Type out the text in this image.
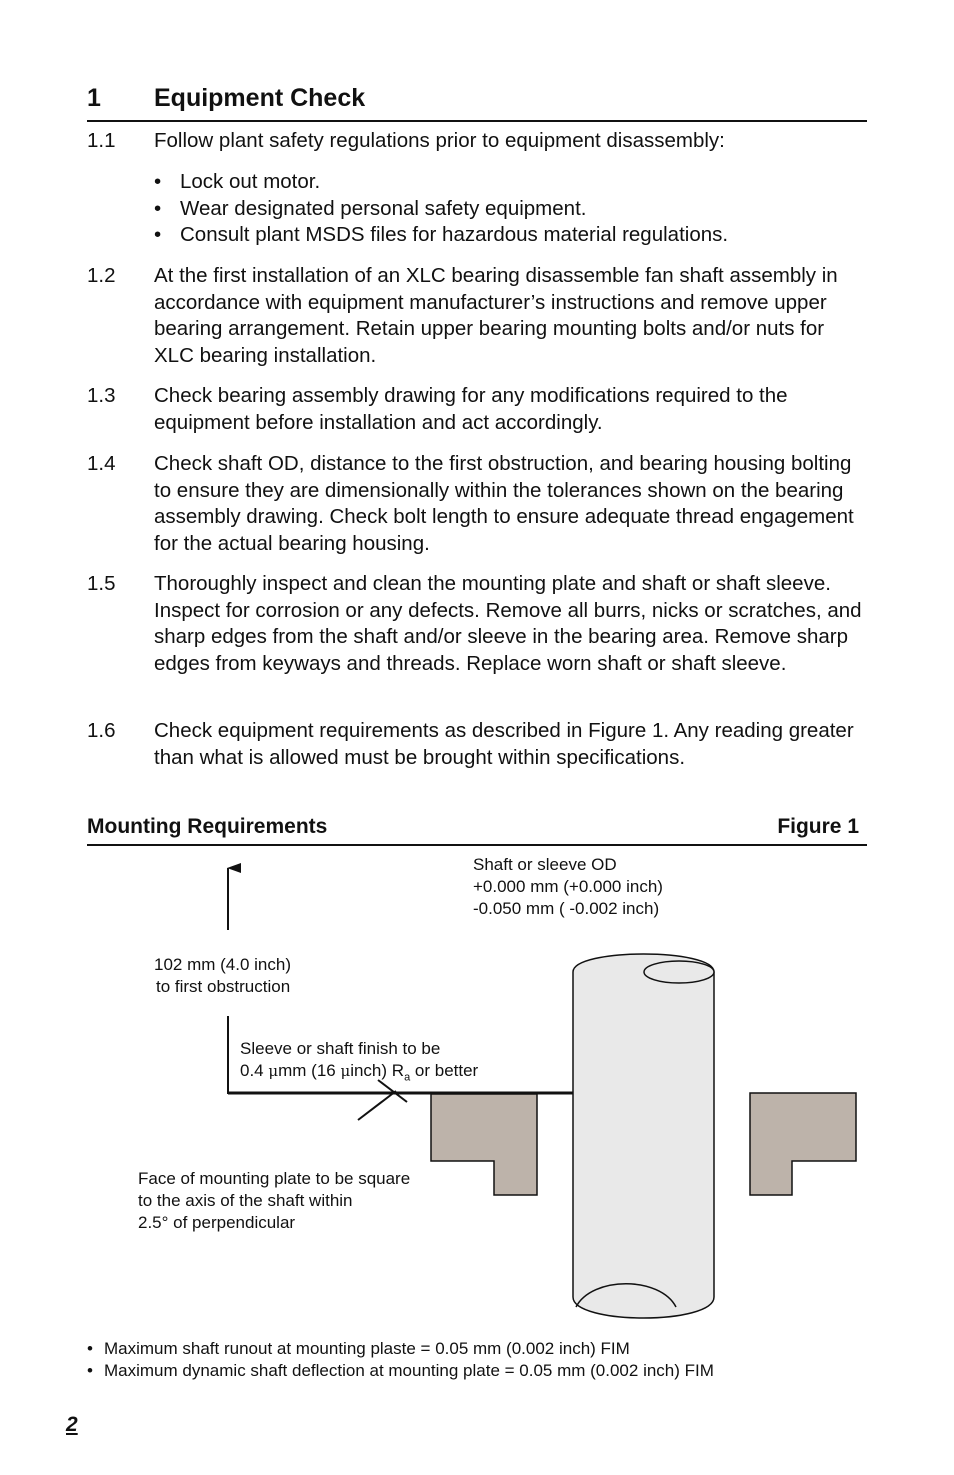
1 Equipment Check
1.1 Follow plant safety regulations prior to equipment disassembly:
• Lock out motor.
• Wear designated personal safety equipment.
• Consult plant MSDS files for hazardous material regulations.
1.2 At the first installation of an XLC bearing disassemble fan shaft assembly in accordance with equipment manufacturer’s instructions and remove upper bearing arrangement. Retain upper bearing mounting bolts and/or nuts for XLC bearing installation.
1.3 Check bearing assembly drawing for any modifications required to the equipment before installation and act accordingly.
1.4 Check shaft OD, distance to the first obstruction, and bearing housing bolting to ensure they are dimensionally within the tolerances shown on the bearing assembly drawing. Check bolt length to ensure adequate thread engagement for the actual bearing housing.
1.5 Thoroughly inspect and clean the mounting plate and shaft or shaft sleeve. Inspect for corrosion or any defects. Remove all burrs, nicks or scratches, and sharp edges from the shaft and/or sleeve in the bearing area. Remove sharp edges from keyways and threads. Replace worn shaft or shaft sleeve.
1.6 Check equipment requirements as described in Figure 1. Any reading greater than what is allowed must be brought within specifications.
Mounting Requirements	Figure 1
Shaft or sleeve OD
+0.000 mm (+0.000 inch)
-0.050 mm ( -0.002 inch)
102 mm (4.0 inch)
to first obstruction
Sleeve or shaft finish to be
0.4 μmm (16 μinch) $R_a$ or better
Face of mounting plate to be square
to the axis of the shaft within
2.5° of perpendicular
• Maximum shaft runout at mounting plaste = 0.05 mm (0.002 inch) FIM
• Maximum dynamic shaft deflection at mounting plate = 0.05 mm (0.002 inch) FIM
2
